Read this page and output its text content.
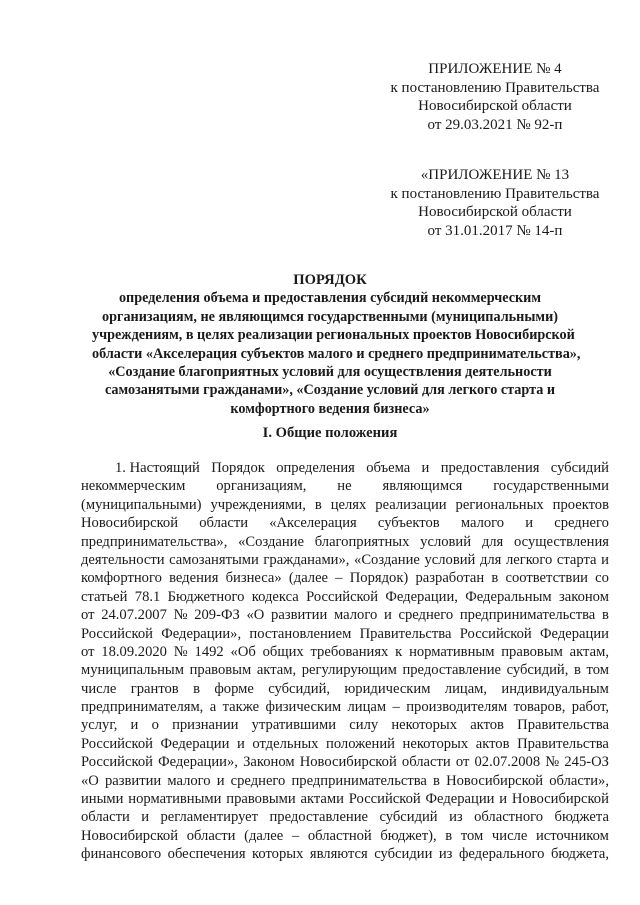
ПРИЛОЖЕНИЕ № 4
к постановлению Правительства
Новосибирской области
от 29.03.2021 № 92-п
«ПРИЛОЖЕНИЕ № 13
к постановлению Правительства
Новосибирской области
от 31.01.2017 № 14-п
ПОРЯДОК
определения объема и предоставления субсидий некоммерческим
организациям, не являющимся государственными (муниципальными)
учреждениям, в целях реализации региональных проектов Новосибирской
области «Акселерация субъектов малого и среднего предпринимательства»,
«Создание благоприятных условий для осуществления деятельности
самозанятыми гражданами», «Создание условий для легкого старта и
комфортного ведения бизнеса»
I. Общие положения
1. Настоящий Порядок определения объема и предоставления субсидий
некоммерческим организациям, не являющимся государственными
(муниципальными) учреждениями, в целях реализации региональных проектов
Новосибирской области «Акселерация субъектов малого и среднего
предпринимательства», «Создание благоприятных условий для осуществления
деятельности самозанятыми гражданами», «Создание условий для легкого старта и
комфортного ведения бизнеса» (далее – Порядок) разработан в соответствии со
статьей 78.1 Бюджетного кодекса Российской Федерации, Федеральным законом
от 24.07.2007 № 209-ФЗ «О развитии малого и среднего предпринимательства в
Российской Федерации», постановлением Правительства Российской Федерации
от 18.09.2020 № 1492 «Об общих требованиях к нормативным правовым актам,
муниципальным правовым актам, регулирующим предоставление субсидий, в том
числе грантов в форме субсидий, юридическим лицам, индивидуальным
предпринимателям, а также физическим лицам – производителям товаров, работ,
услуг, и о признании утратившими силу некоторых актов Правительства
Российской Федерации и отдельных положений некоторых актов Правительства
Российской Федерации», Законом Новосибирской области от 02.07.2008 № 245-ОЗ
«О развитии малого и среднего предпринимательства в Новосибирской области»,
иными нормативными правовыми актами Российской Федерации и Новосибирской
области и регламентирует предоставление субсидий из областного бюджета
Новосибирской области (далее – областной бюджет), в том числе источником
финансового обеспечения которых являются субсидии из федерального бюджета,
